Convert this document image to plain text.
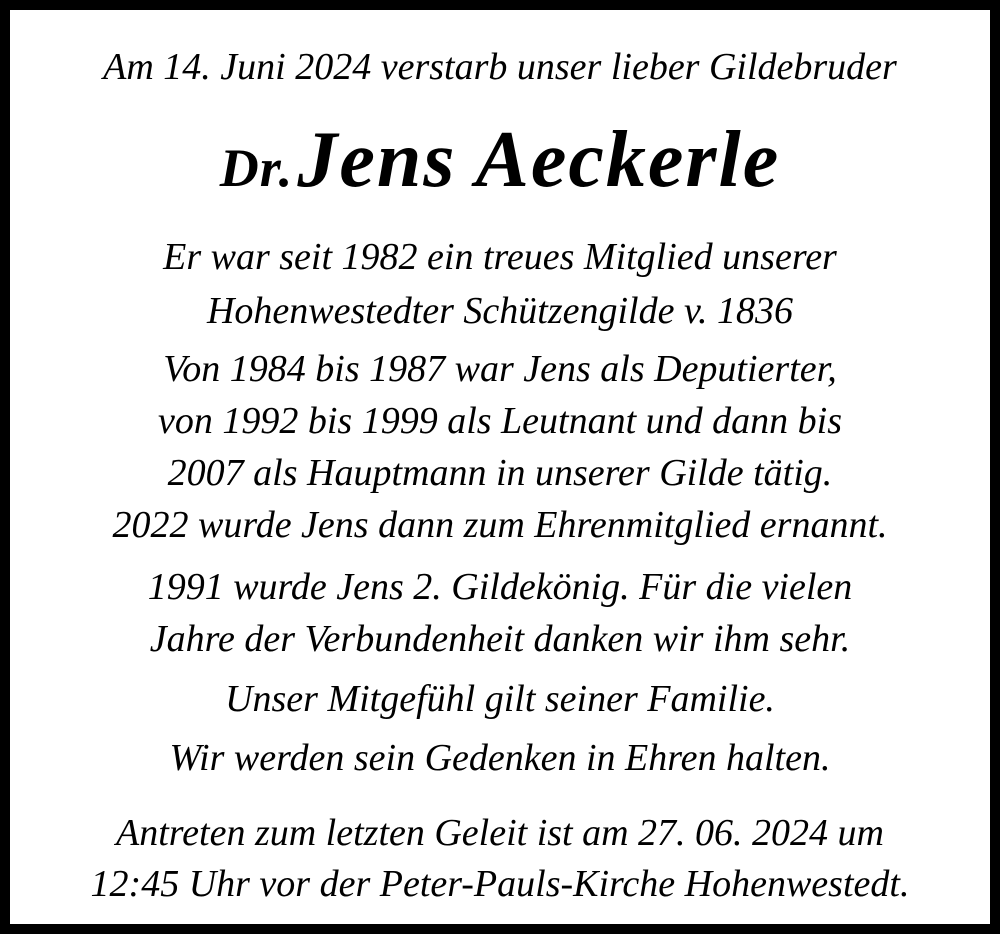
Am 14. Juni 2024 verstarb unser lieber Gildebruder
Dr. Jens Aeckerle
Er war seit 1982 ein treues Mitglied unserer
Hohenwestedter Schützengilde v. 1836
Von 1984 bis 1987 war Jens als Deputierter,
von 1992 bis 1999 als Leutnant und dann bis
2007 als Hauptmann in unserer Gilde tätig.
2022 wurde Jens dann zum Ehrenmitglied ernannt.
1991 wurde Jens 2. Gildekönig. Für die vielen
Jahre der Verbundenheit danken wir ihm sehr.
Unser Mitgefühl gilt seiner Familie.
Wir werden sein Gedenken in Ehren halten.
Antreten zum letzten Geleit ist am 27. 06. 2024 um
12:45 Uhr vor der Peter-Pauls-Kirche Hohenwestedt.
